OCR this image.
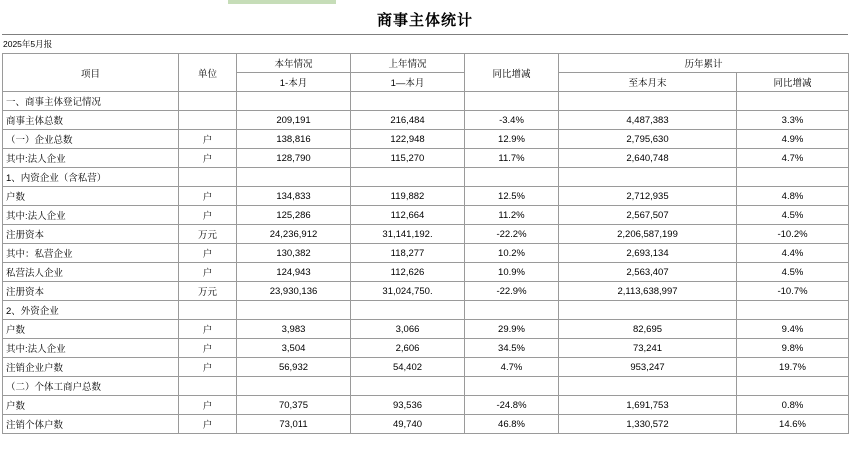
商事主体统计
2025年5月报
项目	单位	本年情况	上年情况	同比增减	历年累计	
		1-本月	1—本月		至本月末	同比增减
一、商事主体登记情况						
商事主体总数		209,191	216,484	-3.4%	4,487,383	3.3%
（一）企业总数	户	138,816	122,948	12.9%	2,795,630	4.9%
其中:法人企业	户	128,790	115,270	11.7%	2,640,748	4.7%
1、内资企业（含私营）						
户数	户	134,833	119,882	12.5%	2,712,935	4.8%
其中:法人企业	户	125,286	112,664	11.2%	2,567,507	4.5%
注册资本	万元	24,236,912	31,141,192.	-22.2%	2,206,587,199	-10.2%
其中：私营企业	户	130,382	118,277	10.2%	2,693,134	4.4%
私营法人企业	户	124,943	112,626	10.9%	2,563,407	4.5%
注册资本	万元	23,930,136	31,024,750.	-22.9%	2,113,638,997	-10.7%
2、外资企业						
户数	户	3,983	3,066	29.9%	82,695	9.4%
其中:法人企业	户	3,504	2,606	34.5%	73,241	9.8%
注销企业户数	户	56,932	54,402	4.7%	953,247	19.7%
（二）个体工商户总数						
户数	户	70,375	93,536	-24.8%	1,691,753	0.8%
注销个体户数	户	73,011	49,740	46.8%	1,330,572	14.6%
